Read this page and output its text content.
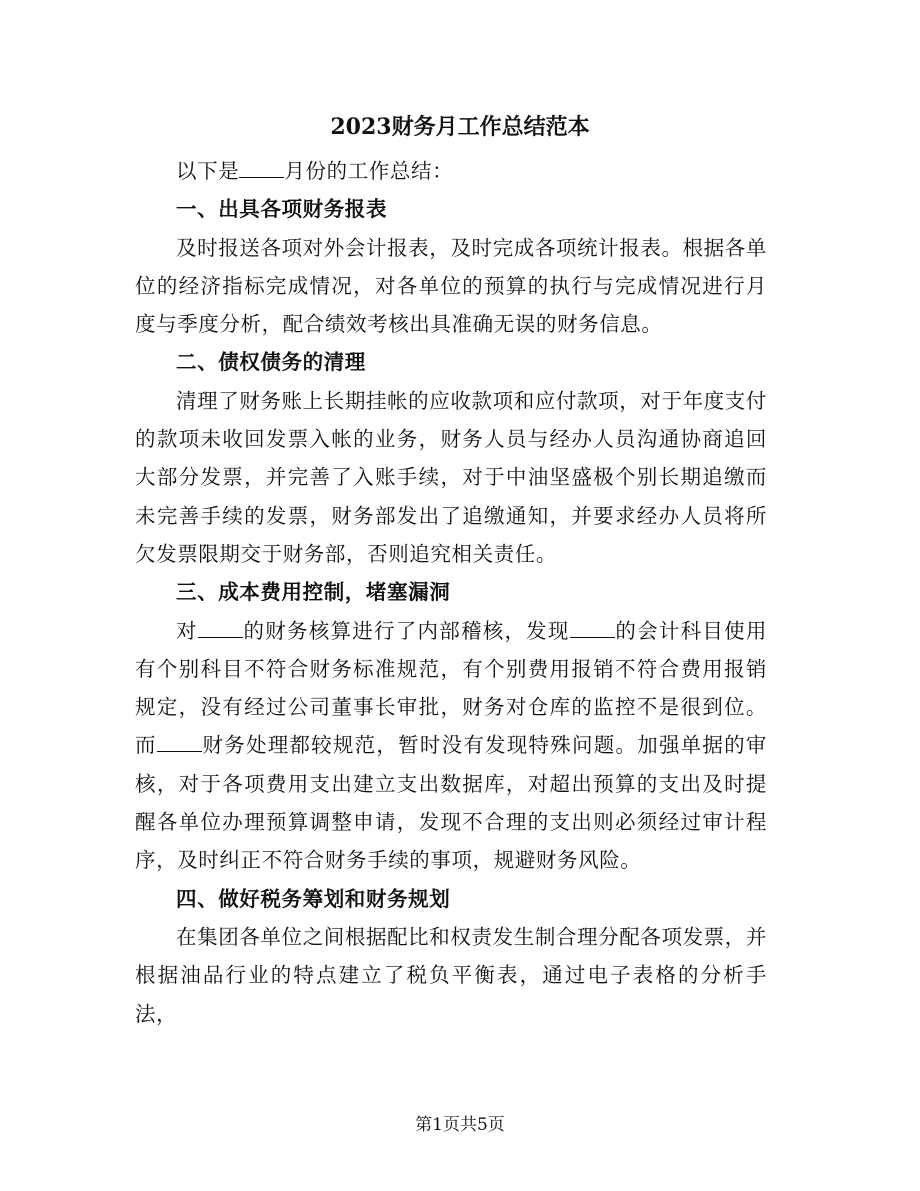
2023财务月工作总结范本

以下是 月份的工作总结：

一、出具各项财务报表

及时报送各项对外会计报表，及时完成各项统计报表。根据各单位的经济指标完成情况，对各单位的预算的执行与完成情况进行月度与季度分析，配合绩效考核出具准确无误的财务信息。

二、债权债务的清理

清理了财务账上长期挂帐的应收款项和应付款项，对于年度支付的款项未收回发票入帐的业务，财务人员与经办人员沟通协商追回大部分发票，并完善了入账手续，对于中油坚盛极个别长期追缴而未完善手续的发票，财务部发出了追缴通知，并要求经办人员将所欠发票限期交于财务部，否则追究相关责任。

三、成本费用控制，堵塞漏洞

对 的财务核算进行了内部稽核，发现 的会计科目使用有个别科目不符合财务标准规范，有个别费用报销不符合费用报销规定，没有经过公司董事长审批，财务对仓库的监控不是很到位。而 财务处理都较规范，暂时没有发现特殊问题。加强单据的审核，对于各项费用支出建立支出数据库，对超出预算的支出及时提醒各单位办理预算调整申请，发现不合理的支出则必须经过审计程序，及时纠正不符合财务手续的事项，规避财务风险。

四、做好税务筹划和财务规划

在集团各单位之间根据配比和权责发生制合理分配各项发票，并根据油品行业的特点建立了税负平衡表，通过电子表格的分析手法，

第1页共5页
